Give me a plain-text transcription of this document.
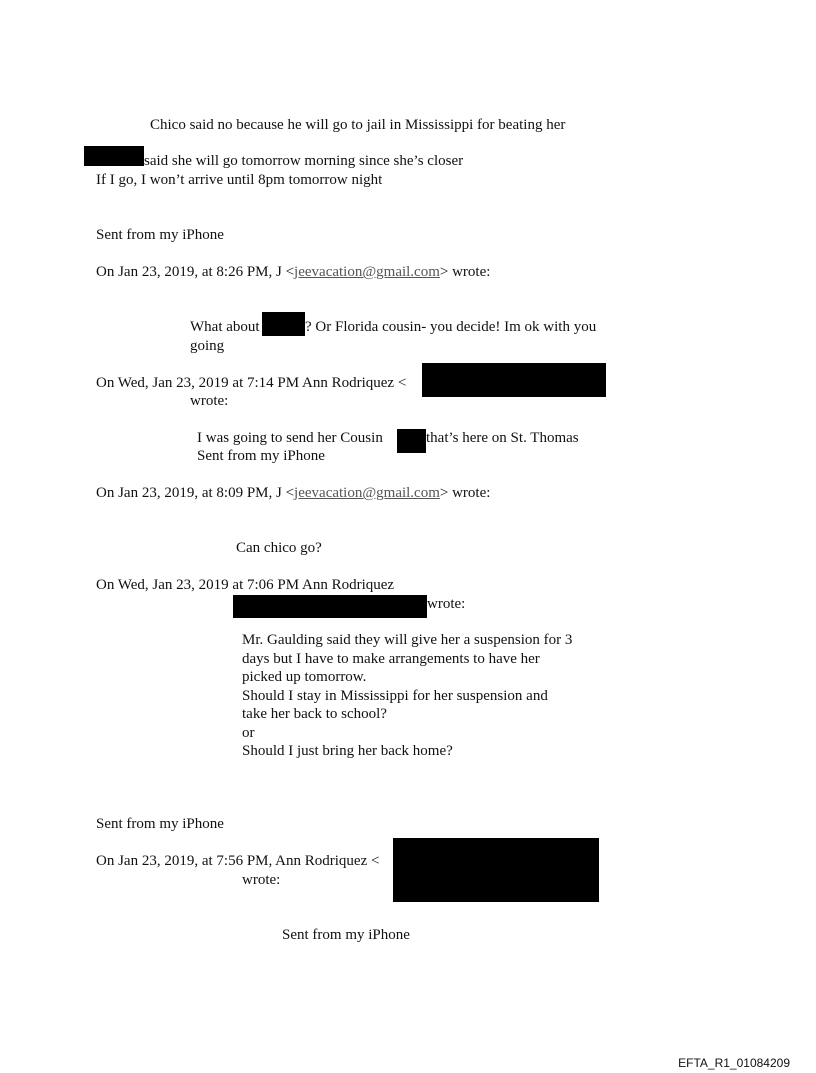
Chico said no because he will go to jail in Mississippi for beating her
said she will go tomorrow morning since she’s closer
If I go, I won’t arrive until 8pm tomorrow night
Sent from my iPhone
On Jan 23, 2019, at 8:26 PM, J <jeevacation@gmail.com> wrote:
What about	? Or Florida cousin- you decide! Im ok with you
going
On Wed, Jan 23, 2019 at 7:14 PM Ann Rodriquez <
wrote:
I was going to send her Cousin	that’s here on St. Thomas
Sent from my iPhone
On Jan 23, 2019, at 8:09 PM, J <jeevacation@gmail.com> wrote:
Can chico go?
On Wed, Jan 23, 2019 at 7:06 PM Ann Rodriquez
wrote:
Mr. Gaulding said they will give her a suspension for 3
days but I have to make arrangements to have her
picked up tomorrow.
Should I stay in Mississippi for her suspension and
take her back to school?
or
Should I just bring her back home?
Sent from my iPhone
On Jan 23, 2019, at 7:56 PM, Ann Rodriquez <
wrote:
Sent from my iPhone
EFTA_R1_01084209
